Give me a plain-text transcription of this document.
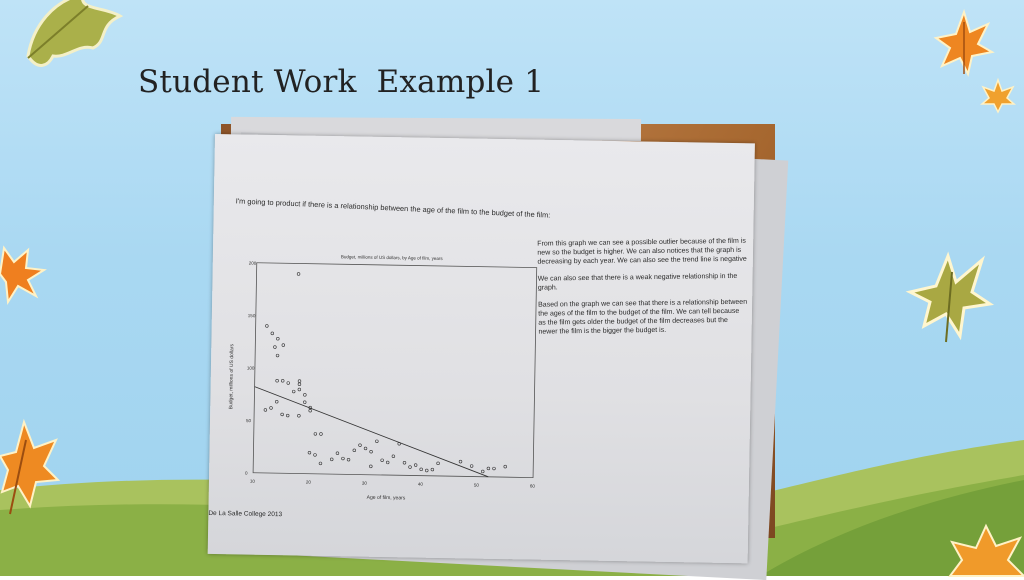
Student Work  Example 1
I'm going to product if there is a relationship between the age of the film to the budget of the film:
Budget, millions of US dollars, by Age of film, years
0
50
100
150
200
10	20	30	40	50	60
Age of film, years
Budget, millions of US dollars

From this graph we can see a possible outlier because of the film is new so the budget is higher. We can also notices that the graph is decreasing by each year. We can also see the trend line is negative

We can also see that there is a weak negative relationship in the graph.

Based on the graph we can see that there is a relationship between the ages of the film to the budget of the film. We can tell because as the film gets older the budget of the film decreases but the newer the film is the bigger the budget is.

De La Salle College 2013
